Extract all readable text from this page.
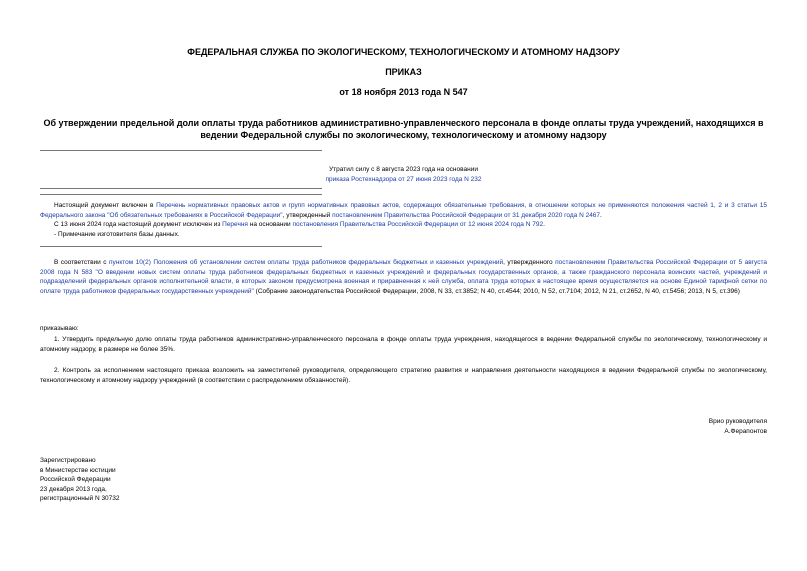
ФЕДЕРАЛЬНАЯ СЛУЖБА ПО ЭКОЛОГИЧЕСКОМУ, ТЕХНОЛОГИЧЕСКОМУ И АТОМНОМУ НАДЗОРУ
ПРИКАЗ
от 18 ноября 2013 года N 547
Об утверждении предельной доли оплаты труда работников административно-управленческого персонала в фонде оплаты труда учреждений, находящихся в ведении Федеральной службы по экологическому, технологическому и атомному надзору
Утратил силу с 8 августа 2023 года на основании
приказа Ростехнадзора от 27 июня 2023 года N 232

Настоящий документ включен в Перечень нормативных правовых актов и групп нормативных правовых актов, содержащих обязательные требования, в отношении которых не применяются положения частей 1, 2 и 3 статьи 15 Федерального закона "Об обязательных требованиях в Российской Федерации", утвержденный постановлением Правительства Российской Федерации от 31 декабря 2020 года N 2467.

С 13 июня 2024 года настоящий документ исключен из Перечня на основании постановления Правительства Российской Федерации от 12 июня 2024 года N 792.

- Примечание изготовителя базы данных.

В соответствии с пунктом 10(2) Положения об установлении систем оплаты труда работников федеральных бюджетных и казенных учреждений, утвержденного постановлением Правительства Российской Федерации от 5 августа 2008 года N 583 "О введении новых систем оплаты труда работников федеральных бюджетных и казенных учреждений и федеральных государственных органов, а также гражданского персонала воинских частей, учреждений и подразделений федеральных органов исполнительной власти, в которых законом предусмотрена военная и приравненная к ней служба, оплата труда которых в настоящее время осуществляется на основе Единой тарифной сетки по оплате труда работников федеральных государственных учреждений" (Собрание законодательства Российской Федерации, 2008, N 33, ст.3852; N 40, ст.4544; 2010, N 52, ст.7104; 2012, N 21, ст.2652, N 40, ст.5456; 2013, N 5, ст.396)

приказываю:

1. Утвердить предельную долю оплаты труда работников административно-управленческого персонала в фонде оплаты труда учреждения, находящегося в ведении Федеральной службы по экологическому, технологическому и атомному надзору, в размере не более 35%.

2. Контроль за исполнением настоящего приказа возложить на заместителей руководителя, определяющего стратегию развития и направления деятельности находящихся в ведении Федеральной службы по экологическому, технологическому и атомному надзору учреждений (в соответствии с распределением обязанностей).

Врио руководителя
А.Ферапонтов
Зарегистрировано
в Министерстве юстиции
Российской Федерации
23 декабря 2013 года,
регистрационный N 30732
